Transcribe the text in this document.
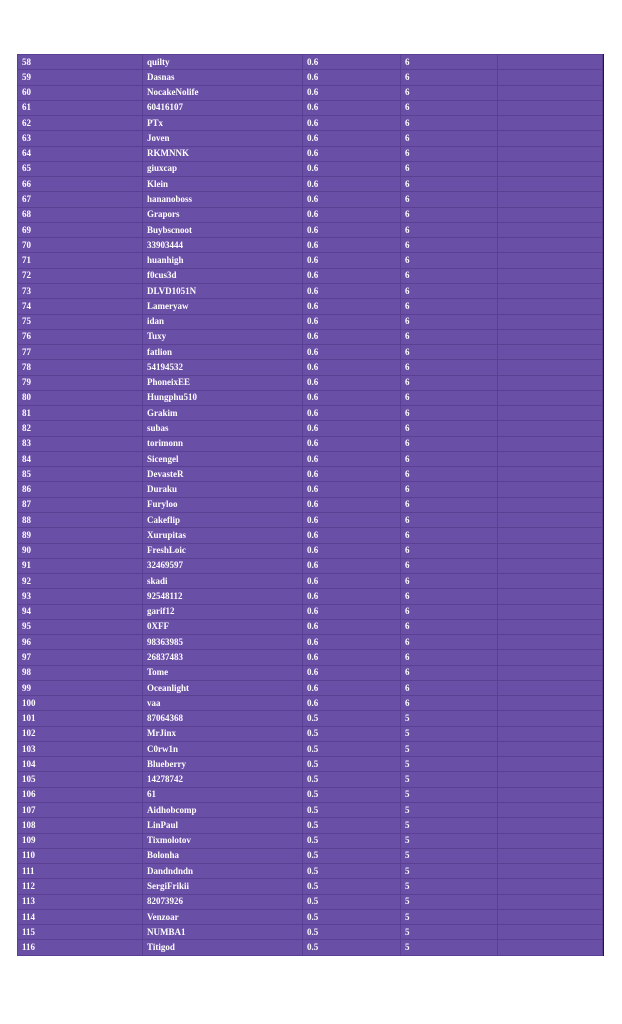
58	quilty	0.6	6	
59	Dasnas	0.6	6	
60	NocakeNolife	0.6	6	
61	60416107	0.6	6	
62	PTx	0.6	6	
63	Joven	0.6	6	
64	RKMNNK	0.6	6	
65	giuxcap	0.6	6	
66	Klein	0.6	6	
67	hananoboss	0.6	6	
68	Grapors	0.6	6	
69	Buybscnoot	0.6	6	
70	33903444	0.6	6	
71	huanhigh	0.6	6	
72	f0cus3d	0.6	6	
73	DLVD1051N	0.6	6	
74	Lameryaw	0.6	6	
75	idan	0.6	6	
76	Tuxy	0.6	6	
77	fatlion	0.6	6	
78	54194532	0.6	6	
79	PhoneixEE	0.6	6	
80	Hungphu510	0.6	6	
81	Grakim	0.6	6	
82	subas	0.6	6	
83	torimonn	0.6	6	
84	Sicengel	0.6	6	
85	DevasteR	0.6	6	
86	Duraku	0.6	6	
87	Furyloo	0.6	6	
88	Cakeflip	0.6	6	
89	Xurupitas	0.6	6	
90	FreshLoic	0.6	6	
91	32469597	0.6	6	
92	skadi	0.6	6	
93	92548112	0.6	6	
94	garif12	0.6	6	
95	0XFF	0.6	6	
96	98363985	0.6	6	
97	26837483	0.6	6	
98	Tome	0.6	6	
99	Oceanlight	0.6	6	
100	vaa	0.6	6	
101	87064368	0.5	5	
102	MrJinx	0.5	5	
103	C0rw1n	0.5	5	
104	Blueberry	0.5	5	
105	14278742	0.5	5	
106	61	0.5	5	
107	Aidhobcomp	0.5	5	
108	LinPaul	0.5	5	
109	Tixmolotov	0.5	5	
110	Bolonha	0.5	5	
111	Dandndndn	0.5	5	
112	SergiFrikii	0.5	5	
113	82073926	0.5	5	
114	Venzoar	0.5	5	
115	NUMBA1	0.5	5	
116	Titigod	0.5	5	
